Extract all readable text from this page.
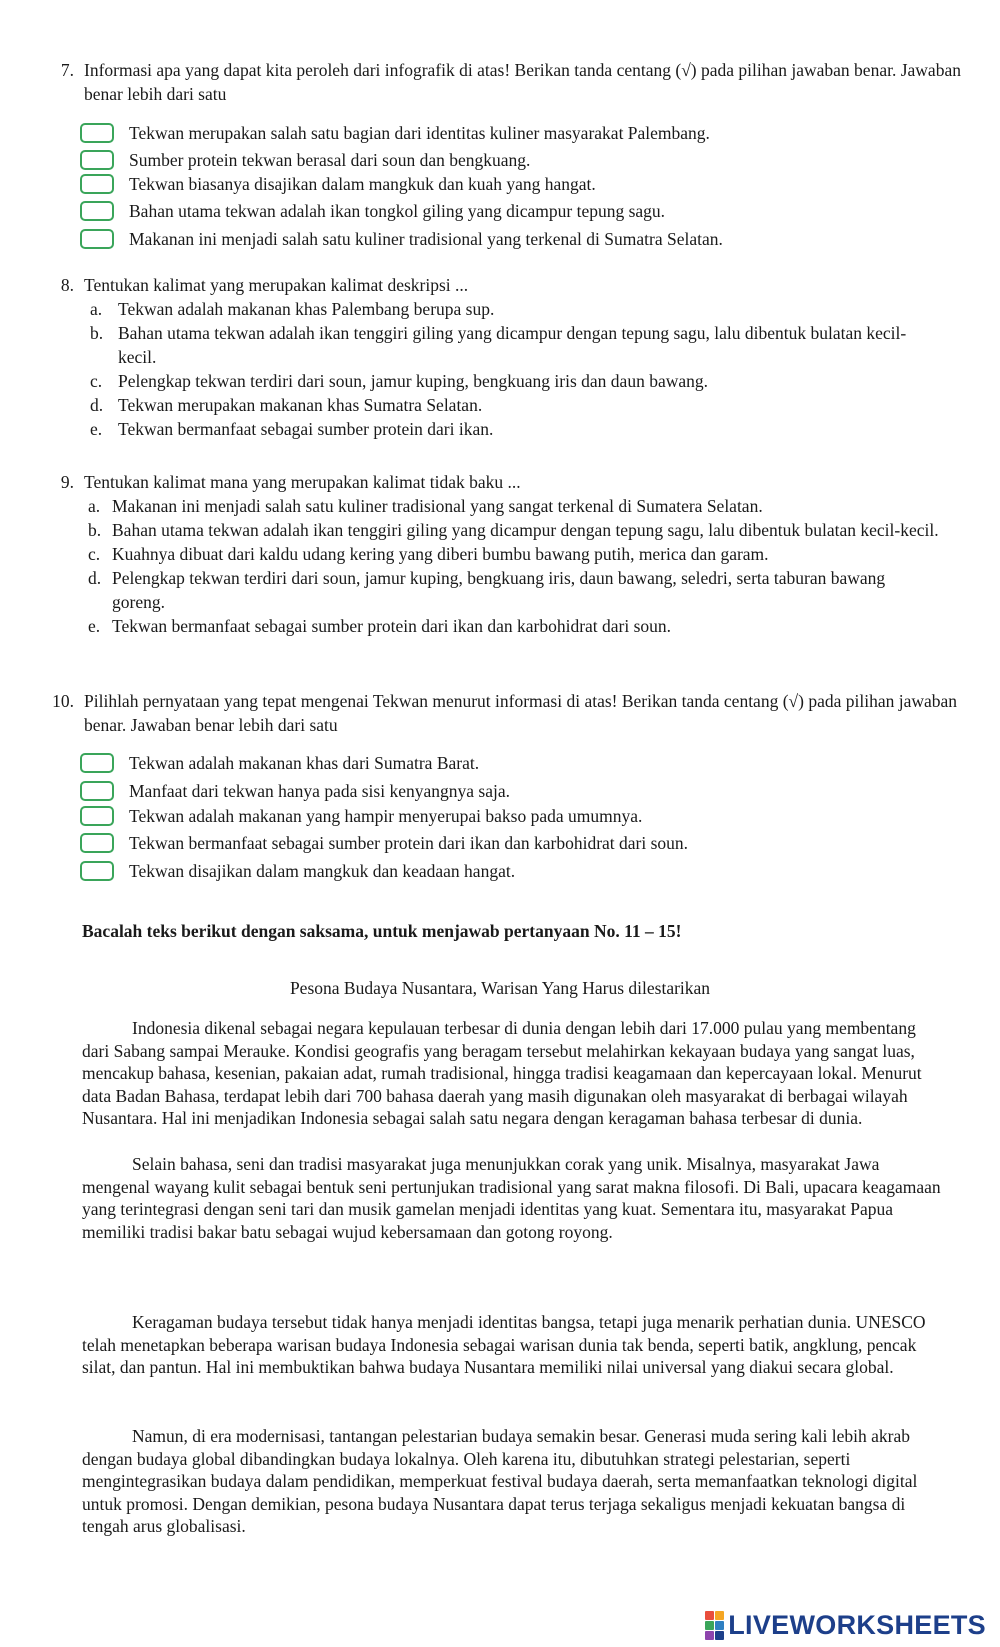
7. Informasi apa yang dapat kita peroleh dari infografik di atas! Berikan tanda centang (√) pada pilihan jawaban benar. Jawaban benar lebih dari satu
Tekwan merupakan salah satu bagian dari identitas kuliner masyarakat Palembang.
Sumber protein tekwan berasal dari soun dan bengkuang.
Tekwan biasanya disajikan dalam mangkuk dan kuah yang hangat.
Bahan utama tekwan adalah ikan tongkol giling yang dicampur tepung sagu.
Makanan ini menjadi salah satu kuliner tradisional yang terkenal di Sumatra Selatan.
8. Tentukan kalimat yang merupakan kalimat deskripsi ...
a. Tekwan adalah makanan khas Palembang berupa sup.
b. Bahan utama tekwan adalah ikan tenggiri giling yang dicampur dengan tepung sagu, lalu dibentuk bulatan kecil-kecil.
c. Pelengkap tekwan terdiri dari soun, jamur kuping, bengkuang iris dan daun bawang.
d. Tekwan merupakan makanan khas Sumatra Selatan.
e. Tekwan bermanfaat sebagai sumber protein dari ikan.
9. Tentukan kalimat mana yang merupakan kalimat tidak baku ...
a. Makanan ini menjadi salah satu kuliner tradisional yang sangat terkenal di Sumatera Selatan.
b. Bahan utama tekwan adalah ikan tenggiri giling yang dicampur dengan tepung sagu, lalu dibentuk bulatan kecil-kecil.
c. Kuahnya dibuat dari kaldu udang kering yang diberi bumbu bawang putih, merica dan garam.
d. Pelengkap tekwan terdiri dari soun, jamur kuping, bengkuang iris, daun bawang, seledri, serta taburan bawang goreng.
e. Tekwan bermanfaat sebagai sumber protein dari ikan dan karbohidrat dari soun.
10. Pilihlah pernyataan yang tepat mengenai Tekwan menurut informasi di atas! Berikan tanda centang (√) pada pilihan jawaban benar. Jawaban benar lebih dari satu
Tekwan adalah makanan khas dari Sumatra Barat.
Manfaat dari tekwan hanya pada sisi kenyangnya saja.
Tekwan adalah makanan yang hampir menyerupai bakso pada umumnya.
Tekwan bermanfaat sebagai sumber protein dari ikan dan karbohidrat dari soun.
Tekwan disajikan dalam mangkuk dan keadaan hangat.
Bacalah teks berikut dengan saksama, untuk menjawab pertanyaan No. 11 – 15!
Pesona Budaya Nusantara, Warisan Yang Harus dilestarikan
Indonesia dikenal sebagai negara kepulauan terbesar di dunia dengan lebih dari 17.000 pulau yang membentang dari Sabang sampai Merauke. Kondisi geografis yang beragam tersebut melahirkan kekayaan budaya yang sangat luas, mencakup bahasa, kesenian, pakaian adat, rumah tradisional, hingga tradisi keagamaan dan kepercayaan lokal. Menurut data Badan Bahasa, terdapat lebih dari 700 bahasa daerah yang masih digunakan oleh masyarakat di berbagai wilayah Nusantara. Hal ini menjadikan Indonesia sebagai salah satu negara dengan keragaman bahasa terbesar di dunia.
Selain bahasa, seni dan tradisi masyarakat juga menunjukkan corak yang unik. Misalnya, masyarakat Jawa mengenal wayang kulit sebagai bentuk seni pertunjukan tradisional yang sarat makna filosofi. Di Bali, upacara keagamaan yang terintegrasi dengan seni tari dan musik gamelan menjadi identitas yang kuat. Sementara itu, masyarakat Papua memiliki tradisi bakar batu sebagai wujud kebersamaan dan gotong royong.
Keragaman budaya tersebut tidak hanya menjadi identitas bangsa, tetapi juga menarik perhatian dunia. UNESCO telah menetapkan beberapa warisan budaya Indonesia sebagai warisan dunia tak benda, seperti batik, angklung, pencak silat, dan pantun. Hal ini membuktikan bahwa budaya Nusantara memiliki nilai universal yang diakui secara global.
Namun, di era modernisasi, tantangan pelestarian budaya semakin besar. Generasi muda sering kali lebih akrab dengan budaya global dibandingkan budaya lokalnya. Oleh karena itu, dibutuhkan strategi pelestarian, seperti mengintegrasikan budaya dalam pendidikan, memperkuat festival budaya daerah, serta memanfaatkan teknologi digital untuk promosi. Dengan demikian, pesona budaya Nusantara dapat terus terjaga sekaligus menjadi kekuatan bangsa di tengah arus globalisasi.
LIVEWORKSHEETS
